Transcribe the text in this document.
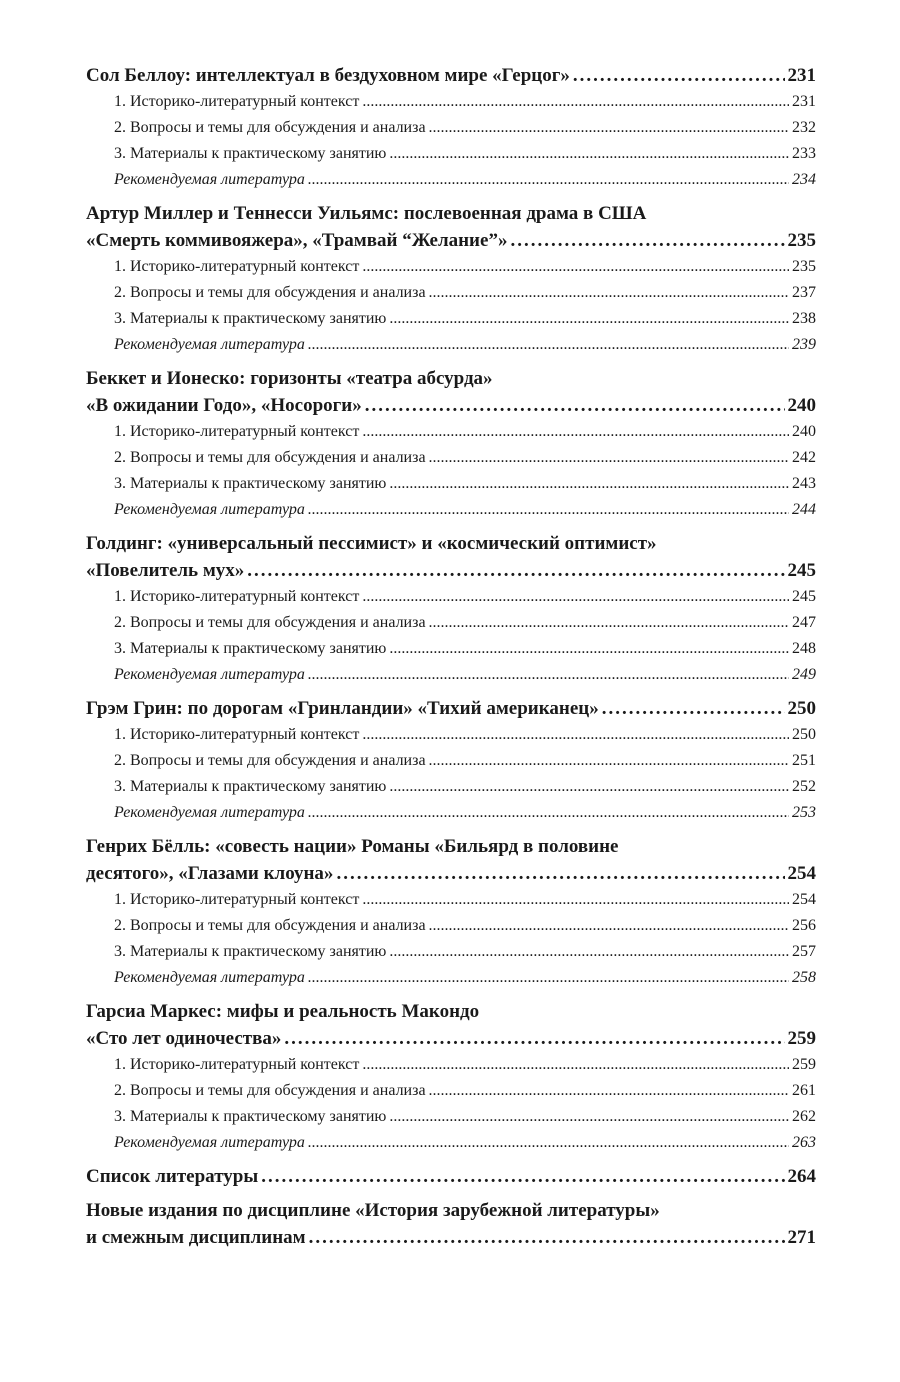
Сол Беллоу: интеллектуал в бездуховном мире «Герцог» .....	231
1. Историко-литературный контекст .....	231
2. Вопросы и темы для обсуждения и анализа .....	232
3. Материалы к практическому занятию .....	233
Рекомендуемая литература .....	234
Артур Миллер и Теннесси Уильямс: послевоенная драма в США
«Смерть коммивояжера», «Трамвай “Желание”» .....	235
1. Историко-литературный контекст .....	235
2. Вопросы и темы для обсуждения и анализа .....	237
3. Материалы к практическому занятию .....	238
Рекомендуемая литература .....	239
Беккет и Ионеско: горизонты «театра абсурда»
«В ожидании Годо», «Носороги» .....	240
1. Историко-литературный контекст .....	240
2. Вопросы и темы для обсуждения и анализа .....	242
3. Материалы к практическому занятию .....	243
Рекомендуемая литература .....	244
Голдинг: «универсальный пессимист» и «космический оптимист»
«Повелитель мух» .....	245
1. Историко-литературный контекст .....	245
2. Вопросы и темы для обсуждения и анализа .....	247
3. Материалы к практическому занятию .....	248
Рекомендуемая литература .....	249
Грэм Грин: по дорогам «Гринландии» «Тихий американец» .....	250
1. Историко-литературный контекст .....	250
2. Вопросы и темы для обсуждения и анализа .....	251
3. Материалы к практическому занятию .....	252
Рекомендуемая литература .....	253
Генрих Бёлль: «совесть нации» Романы «Бильярд в половине
десятого», «Глазами клоуна» .....	254
1. Историко-литературный контекст .....	254
2. Вопросы и темы для обсуждения и анализа .....	256
3. Материалы к практическому занятию .....	257
Рекомендуемая литература .....	258
Гарсиа Маркес: мифы и реальность Макондо
«Сто лет одиночества» .....	259
1. Историко-литературный контекст .....	259
2. Вопросы и темы для обсуждения и анализа .....	261
3. Материалы к практическому занятию .....	262
Рекомендуемая литература .....	263
Список литературы .....	264
Новые издания по дисциплине «История зарубежной литературы»
и смежным дисциплинам .....	271
